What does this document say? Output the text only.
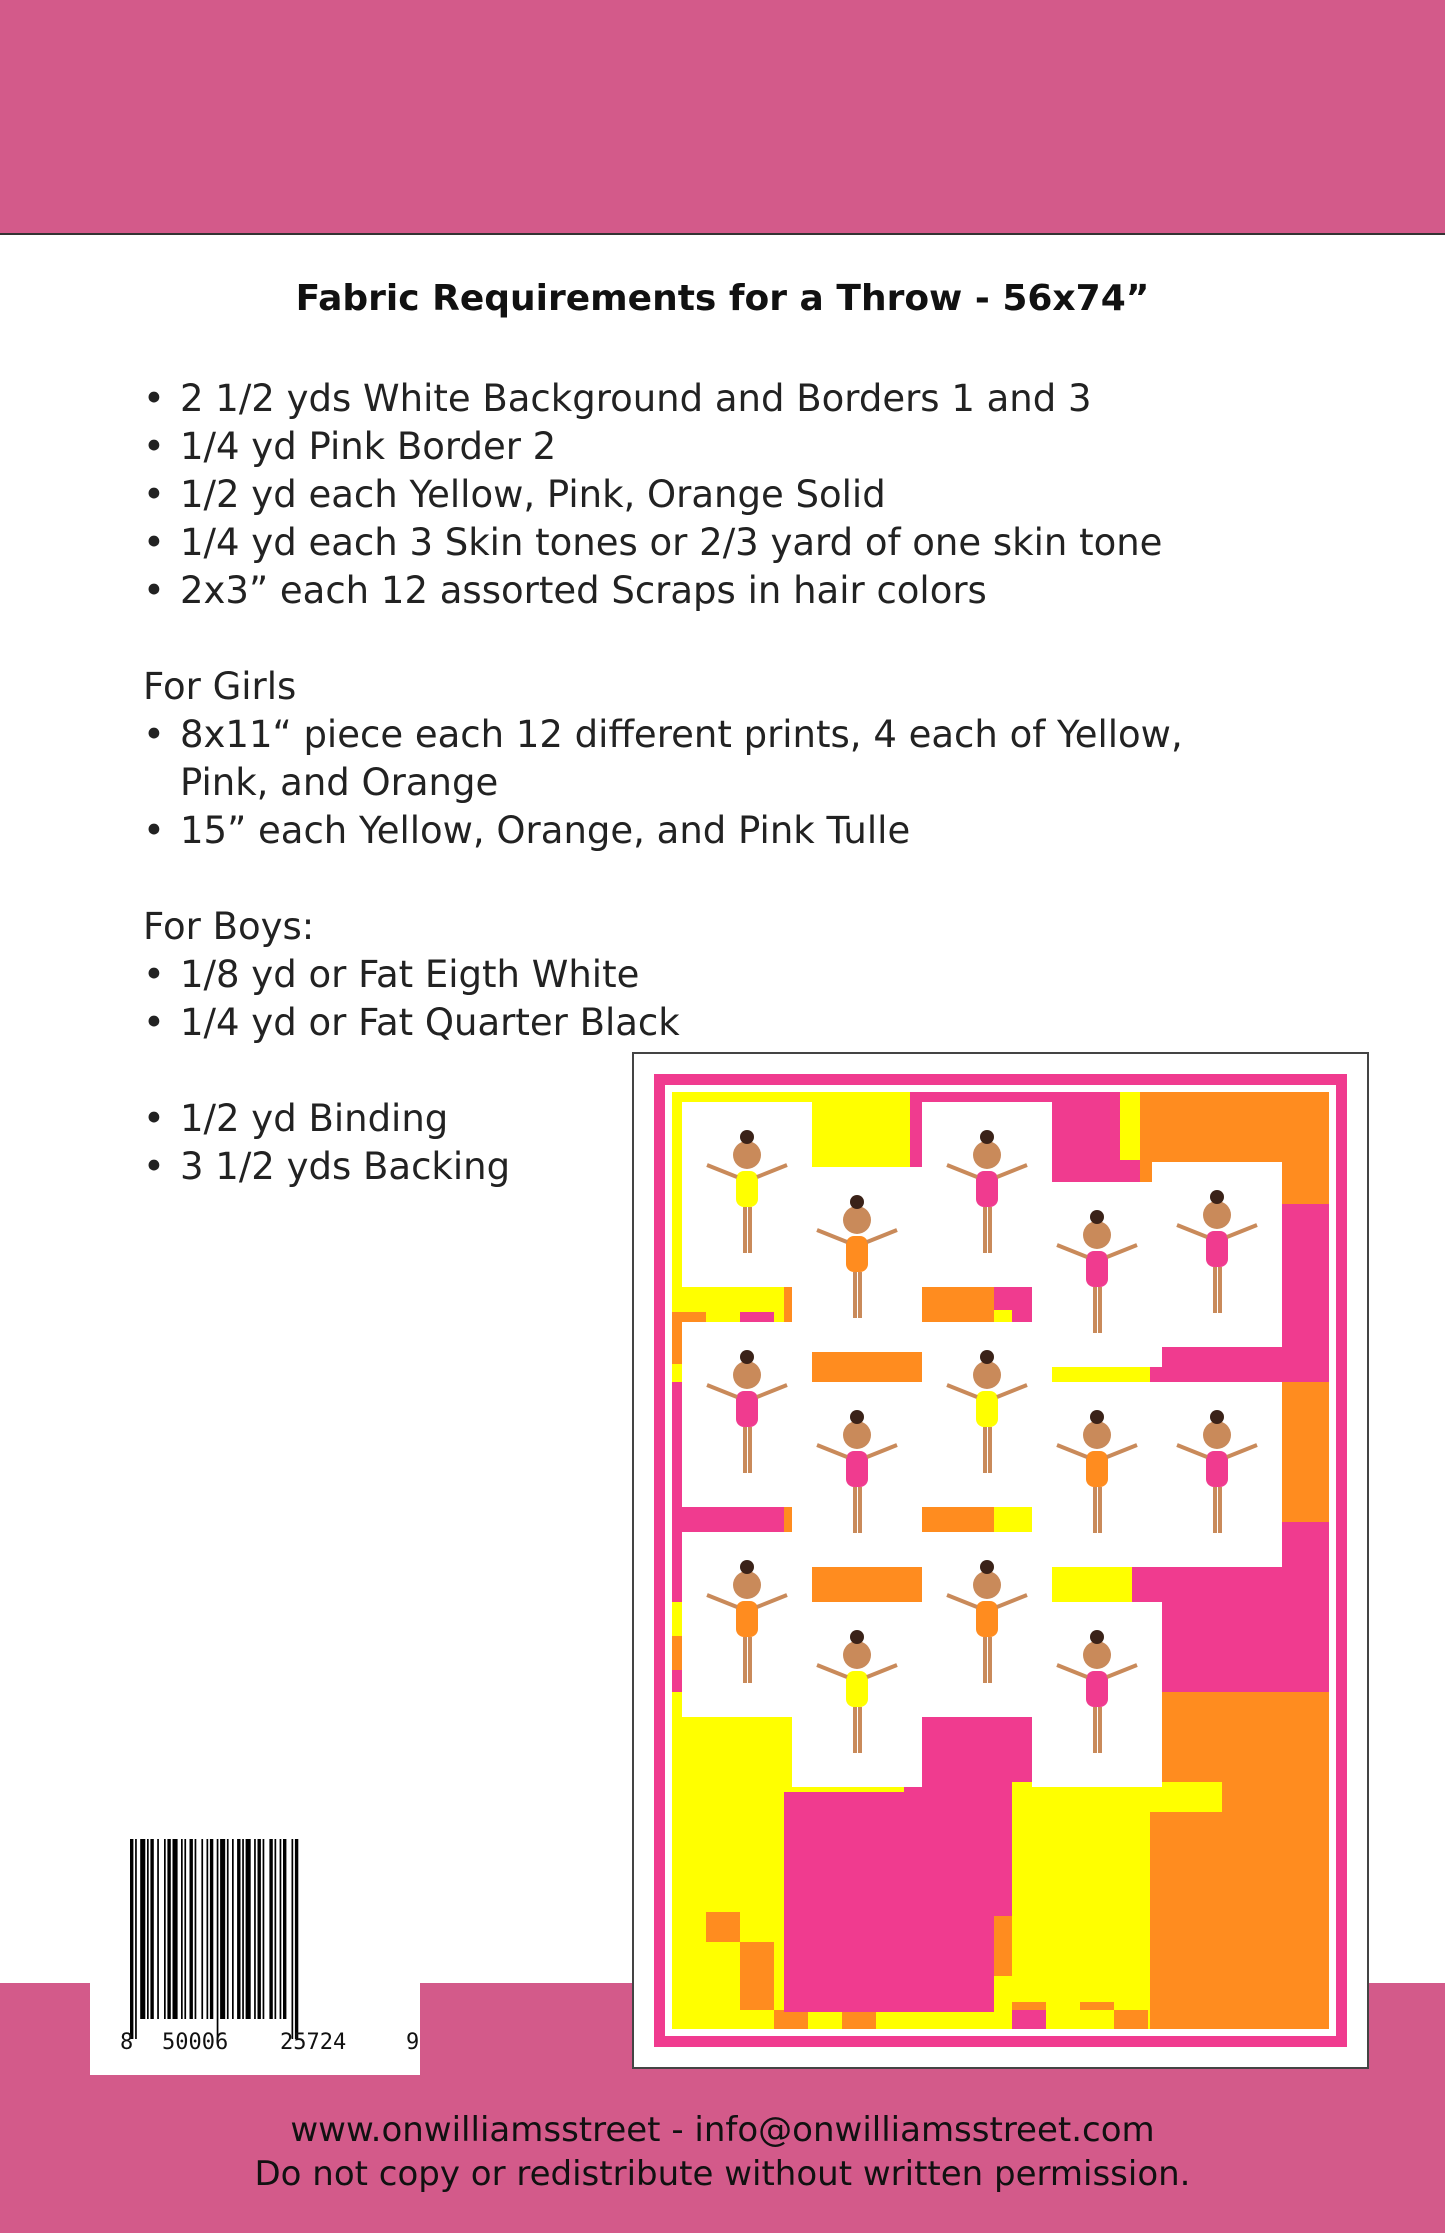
Fabric Requirements for a Throw - 56x74”
• 2 1/2 yds White Background and Borders 1 and 3
• 1/4 yd Pink Border 2
• 1/2 yd each Yellow, Pink, Orange Solid
• 1/4 yd each 3 Skin tones or 2/3 yard of one skin tone
• 2x3” each 12 assorted Scraps in hair colors
For Girls
• 8x11“ piece each 12 different prints, 4 each of Yellow,
Pink, and Orange
• 15” each Yellow, Orange, and Pink Tulle
For Boys:
• 1/8 yd or Fat Eigth White
• 1/4 yd or Fat Quarter Black
• 1/2 yd Binding
• 3 1/2 yds Backing
8 50006 25724	9
www.onwilliamsstreet - info@onwilliamsstreet.com
Do not copy or redistribute without written permission.
